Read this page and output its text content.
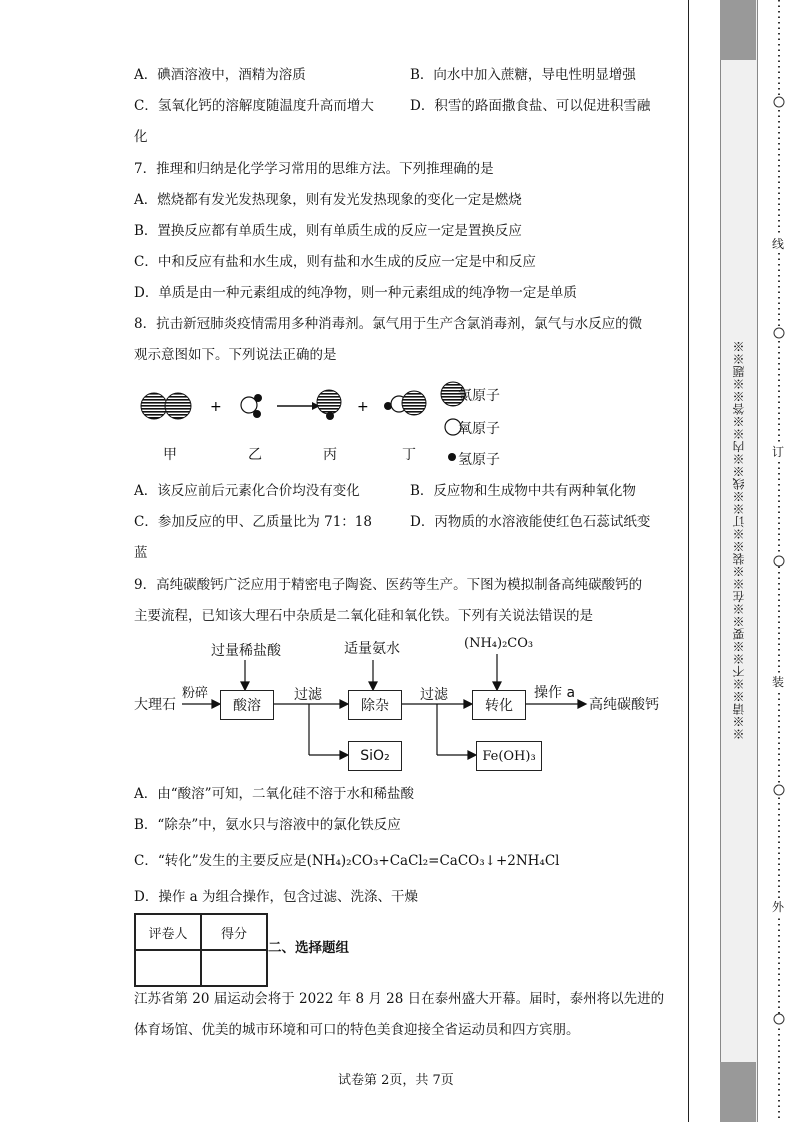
A．碘酒溶液中，酒精为溶质	B．向水中加入蔗糖，导电性明显增强
C．氢氧化钙的溶解度随温度升高而增大	D．积雪的路面撒食盐、可以促进积雪融
化
7．推理和归纳是化学学习常用的思维方法。下列推理确的是
A．燃烧都有发光发热现象，则有发光发热现象的变化一定是燃烧
B．置换反应都有单质生成，则有单质生成的反应一定是置换反应
C．中和反应有盐和水生成，则有盐和水生成的反应一定是中和反应
D．单质是由一种元素组成的纯净物，则一种元素组成的纯净物一定是单质
8．抗击新冠肺炎疫情需用多种消毒剂。氯气用于生产含氯消毒剂，氯气与水反应的微
观示意图如下。下列说法正确的是
+	+
氯原子
氧原子
氢原子
甲	乙	丙	丁
A．该反应前后元素化合价均没有变化	B．反应物和生成物中共有两种氧化物
C．参加反应的甲、乙质量比为 71：18	D．丙物质的水溶液能使红色石蕊试纸变
蓝
9．高纯碳酸钙广泛应用于精密电子陶瓷、医药等生产。下图为模拟制备高纯碳酸钙的
主要流程，已知该大理石中杂质是二氧化硅和氧化铁。下列有关说法错误的是
大理石
粉碎
过量稀盐酸
酸溶
过滤
适量氨水
除杂
SiO₂
过滤
(NH₄)₂CO₃
转化
Fe(OH)₃
操作 a
高纯碳酸钙
A．由“酸溶”可知，二氧化硅不溶于水和稀盐酸
B．“除杂”中，氨水只与溶液中的氯化铁反应
C．“转化”发生的主要反应是(NH₄)₂CO₃+CaCl₂=CaCO₃↓+2NH₄Cl
D．操作 a 为组合操作，包含过滤、洗涤、干燥
评卷人	得分

二、选择题组
江苏省第 20 届运动会将于 2022 年 8 月 28 日在泰州盛大开幕。届时，泰州将以先进的
体育场馆、优美的城市环境和可口的特色美食迎接全省运动员和四方宾朋。
试卷第 2页，共 7页
※※请※※不※※要※※在※※装※※订※※线※※内※※答※※题※※
线
订
装
外
